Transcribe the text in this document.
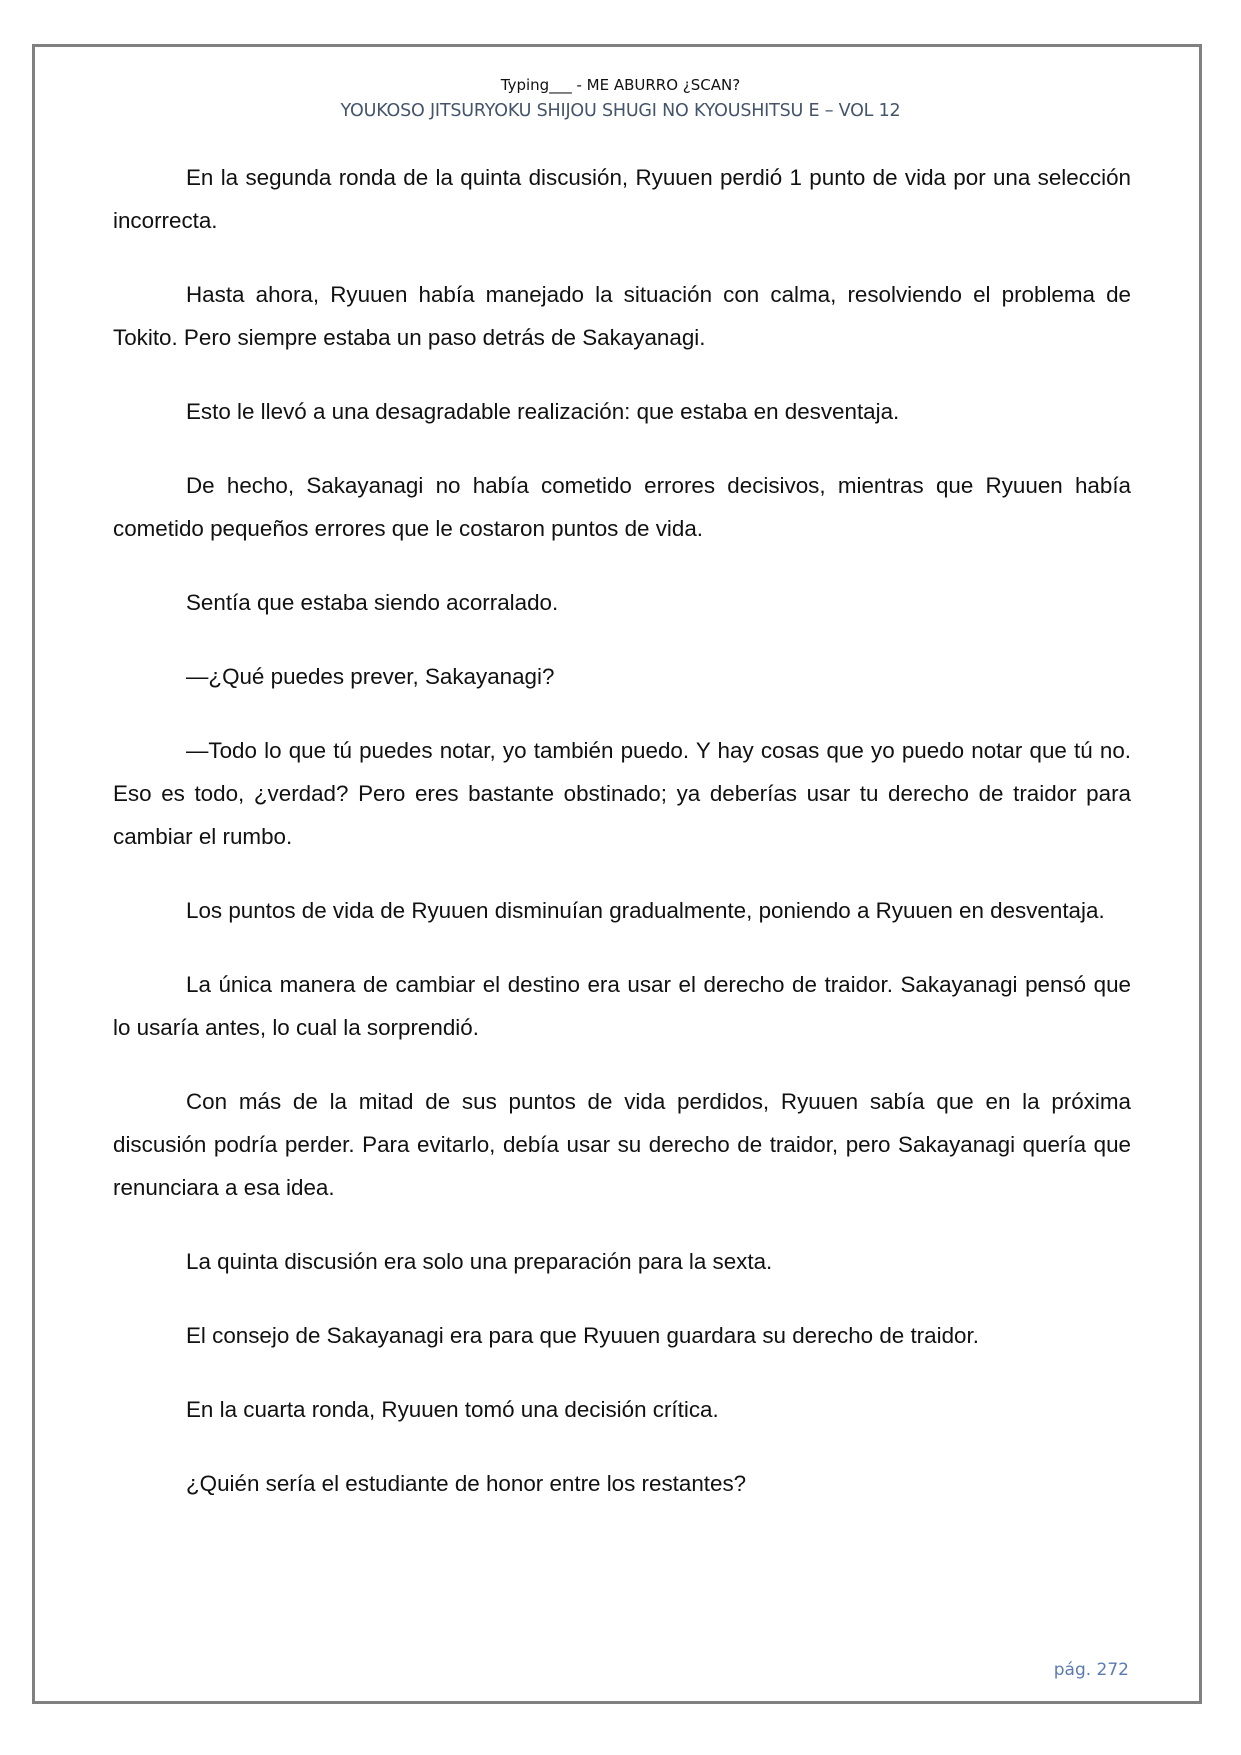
Typing___ - ME ABURRO ¿SCAN?
YOUKOSO JITSURYOKU SHIJOU SHUGI NO KYOUSHITSU E – VOL 12

En la segunda ronda de la quinta discusión, Ryuuen perdió 1 punto de vida por una selección incorrecta.

Hasta ahora, Ryuuen había manejado la situación con calma, resolviendo el problema de Tokito. Pero siempre estaba un paso detrás de Sakayanagi.

Esto le llevó a una desagradable realización: que estaba en desventaja.

De hecho, Sakayanagi no había cometido errores decisivos, mientras que Ryuuen había cometido pequeños errores que le costaron puntos de vida.

Sentía que estaba siendo acorralado.

—¿Qué puedes prever, Sakayanagi?

—Todo lo que tú puedes notar, yo también puedo. Y hay cosas que yo puedo notar que tú no. Eso es todo, ¿verdad? Pero eres bastante obstinado; ya deberías usar tu derecho de traidor para cambiar el rumbo.

Los puntos de vida de Ryuuen disminuían gradualmente, poniendo a Ryuuen en desventaja.

La única manera de cambiar el destino era usar el derecho de traidor. Sakayanagi pensó que lo usaría antes, lo cual la sorprendió.

Con más de la mitad de sus puntos de vida perdidos, Ryuuen sabía que en la próxima discusión podría perder. Para evitarlo, debía usar su derecho de traidor, pero Sakayanagi quería que renunciara a esa idea.

La quinta discusión era solo una preparación para la sexta.

El consejo de Sakayanagi era para que Ryuuen guardara su derecho de traidor.

En la cuarta ronda, Ryuuen tomó una decisión crítica.

¿Quién sería el estudiante de honor entre los restantes?

pág. 272
